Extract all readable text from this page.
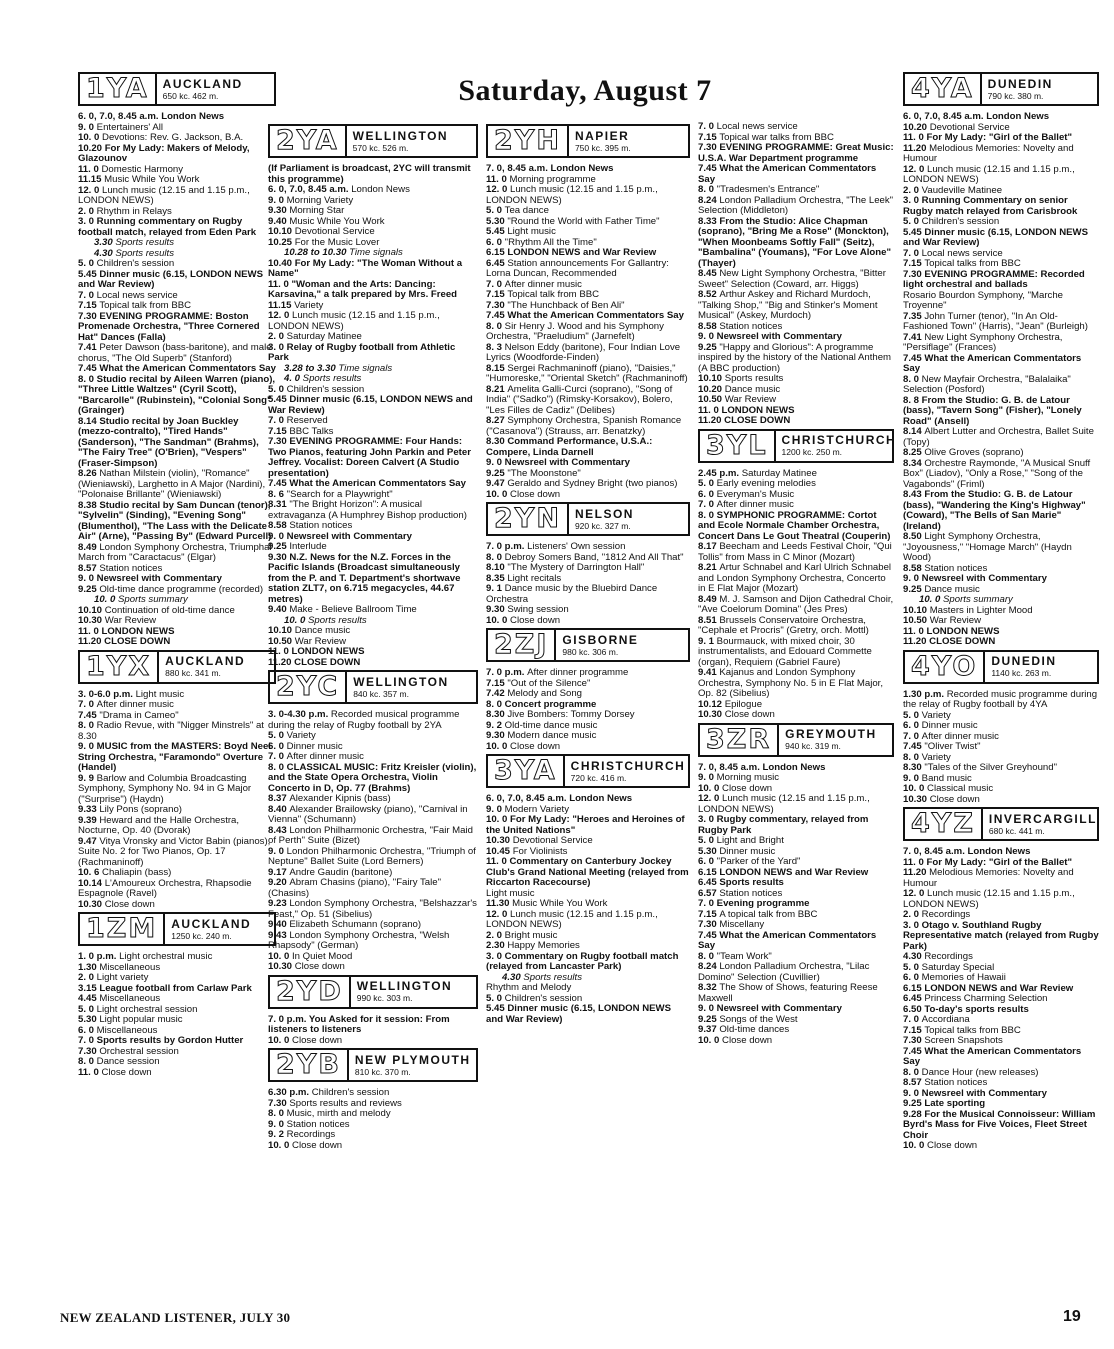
Saturday, August 7
1YA	AUCKLAND
650 kc. 462 m.
6. 0, 7.0, 8.45 a.m. London News
9. 0 Entertainers' All
10. 0 Devotions: Rev. G. Jackson, B.A.
10.20 For My Lady: Makers of Melody, Glazounov
11. 0 Domestic Harmony
11.15 Music While You Work
12. 0 Lunch music (12.15 and 1.15 p.m., LONDON NEWS)
2. 0 Rhythm in Relays
3. 0 Running commentary on Rugby football match, relayed from Eden Park
3.30 Sports results
4.30 Sports results
5. 0 Children's session
5.45 Dinner music (6.15, LONDON NEWS and War Review)
7. 0 Local news service
7.15 Topical talk from BBC
7.30 EVENING PROGRAMME: Boston Promenade Orchestra, "Three Cornered Hat" Dances (Falla)
7.41 Peter Dawson (bass-baritone), and male chorus, "The Old Superb" (Stanford)
7.45 What the American Commentators Say
8. 0 Studio recital by Aileen Warren (piano), "Three Little Waltzes" (Cyril Scott), "Barcarolle" (Rubinstein), "Colonial Song" (Grainger)
8.14 Studio recital by Joan Buckley (mezzo-contralto), "Tired Hands" (Sanderson), "The Sandman" (Brahms), "The Fairy Tree" (O'Brien), "Vespers" (Fraser-Simpson)
8.26 Nathan Milstein (violin), "Romance" (Wieniawski), Larghetto in A Major (Nardini), "Polonaise Brillante" (Wieniawski)
8.38 Studio recital by Sam Duncan (tenor), "Sylvelin" (Sinding), "Evening Song" (Blumenthol), "The Lass with the Delicate Air" (Arne), "Passing By" (Edward Purcell)
8.49 London Symphony Orchestra, Triumphal March from "Caractacus" (Elgar)
8.57 Station notices
9. 0 Newsreel with Commentary
9.25 Old-time dance programme (recorded)
10. 0 Sports summary
10.10 Continuation of old-time dance
10.30 War Review
11. 0 LONDON NEWS
11.20 CLOSE DOWN
1YX	AUCKLAND
880 kc. 341 m.
3. 0-6.0 p.m. Light music
7. 0 After dinner music
7.45 "Drama in Cameo"
8. 0 Radio Revue, with "Nigger Minstrels" at 8.30
9. 0 MUSIC from the MASTERS: Boyd Neel String Orchestra, "Faramondo" Overture (Handel)
9. 9 Barlow and Columbia Broadcasting Symphony, Symphony No. 94 in G Major ("Surprise") (Haydn)
9.33 Lily Pons (soprano)
9.39 Heward and the Halle Orchestra, Nocturne, Op. 40 (Dvorak)
9.47 Vitya Vronsky and Victor Babin (pianos), Suite No. 2 for Two Pianos, Op. 17 (Rachmaninoff)
10. 6 Chaliapin (bass)
10.14 L'Amoureux Orchestra, Rhapsodie Espagnole (Ravel)
10.30 Close down
1ZM	AUCKLAND
1250 kc. 240 m.
1. 0 p.m. Light orchestral music
1.30 Miscellaneous
2. 0 Light variety
3.15 League football from Carlaw Park
4.45 Miscellaneous
5. 0 Light orchestral session
5.30 Light popular music
6. 0 Miscellaneous
7. 0 Sports results by Gordon Hutter
7.30 Orchestral session
8. 0 Dance session
11. 0 Close down
2YA	WELLINGTON
570 kc. 526 m.
(If Parliament is broadcast, 2YC will transmit this programme)
6. 0, 7.0, 8.45 a.m. London News
9. 0 Morning Variety
9.30 Morning Star
9.40 Music While You Work
10.10 Devotional Service
10.25 For the Music Lover
10.28 to 10.30 Time signals
10.40 For My Lady: "The Woman Without a Name"
11. 0 "Woman and the Arts: Dancing: Karsavina," a talk prepared by Mrs. Freed
11.15 Variety
12. 0 Lunch music (12.15 and 1.15 p.m., LONDON NEWS)
2. 0 Saturday Matinee
3. 0 Relay of Rugby football from Athletic Park
3.28 to 3.30 Time signals
4. 0 Sports results
5. 0 Children's session
5.45 Dinner music (6.15, LONDON NEWS and War Review)
7. 0 Reserved
7.15 BBC Talks
7.30 EVENING PROGRAMME: Four Hands: Two Pianos, featuring John Parkin and Peter Jeffrey. Vocalist: Doreen Calvert (A Studio presentation)
7.45 What the American Commentators Say
8. 6 "Search for a Playwright"
8.31 "The Bright Horizon": A musical extravaganza (A Humphrey Bishop production)
8.58 Station notices
9. 0 Newsreel with Commentary
9.25 Interlude
9.30 N.Z. News for the N.Z. Forces in the Pacific Islands (Broadcast simultaneously from the P. and T. Department's shortwave station ZLT7, on 6.715 megacycles, 44.67 metres)
9.40 Make - Believe Ballroom Time
10. 0 Sports results
10.10 Dance music
10.50 War Review
11. 0 LONDON NEWS
11.20 CLOSE DOWN
2YC	WELLINGTON
840 kc. 357 m.
3. 0-4.30 p.m. Recorded musical programme during the relay of Rugby football by 2YA
5. 0 Variety
6. 0 Dinner music
7. 0 After dinner music
8. 0 CLASSICAL MUSIC: Fritz Kreisler (violin), and the State Opera Orchestra, Violin Concerto in D, Op. 77 (Brahms)
8.37 Alexander Kipnis (bass)
8.40 Alexander Brailowsky (piano), "Carnival in Vienna" (Schumann)
8.43 London Philharmonic Orchestra, "Fair Maid of Perth" Suite (Bizet)
9. 0 London Philharmonic Orchestra, "Triumph of Neptune" Ballet Suite (Lord Berners)
9.17 Andre Gaudin (baritone)
9.20 Abram Chasins (piano), "Fairy Tale" (Chasins)
9.23 London Symphony Orchestra, "Belshazzar's Feast," Op. 51 (Sibelius)
9.40 Elizabeth Schumann (soprano)
9.43 London Symphony Orchestra, "Welsh Rhapsody" (German)
10. 0 In Quiet Mood
10.30 Close down
2YD	WELLINGTON
990 kc. 303 m.
7. 0 p.m. You Asked for it session: From listeners to listeners
10. 0 Close down
2YB	NEW PLYMOUTH
810 kc. 370 m.
6.30 p.m. Children's session
7.30 Sports results and reviews
8. 0 Music, mirth and melody
9. 0 Station notices
9. 2 Recordings
10. 0 Close down
2YH	NAPIER
750 kc. 395 m.
7. 0, 8.45 a.m. London News
11. 0 Morning programme
12. 0 Lunch music (12.15 and 1.15 p.m., LONDON NEWS)
5. 0 Tea dance
5.30 "Round the World with Father Time"
5.45 Light music
6. 0 "Rhythm All the Time"
6.15 LONDON NEWS and War Review
6.45 Station announcements For Gallantry: Lorna Duncan, Recommended
7. 0 After dinner music
7.15 Topical talk from BBC
7.30 "The Hunchback of Ben Ali"
7.45 What the American Commentators Say
8. 0 Sir Henry J. Wood and his Symphony Orchestra, "Praeludium" (Jarnefelt)
8. 3 Nelson Eddy (baritone), Four Indian Love Lyrics (Woodforde-Finden)
8.15 Sergei Rachmaninoff (piano), "Daisies," "Humoreske," "Oriental Sketch" (Rachmaninoff)
8.21 Amelita Galli-Curci (soprano), "Song of India" ("Sadko") (Rimsky-Korsakov), Bolero, "Les Filles de Cadiz" (Delibes)
8.27 Symphony Orchestra, Spanish Romance ("Casanova") (Strauss, arr. Benatzky)
8.30 Command Performance, U.S.A.: Compere, Linda Darnell
9. 0 Newsreel with Commentary
9.25 "The Moonstone"
9.47 Geraldo and Sydney Bright (two pianos)
10. 0 Close down
2YN	NELSON
920 kc. 327 m.
7. 0 p.m. Listeners' Own session
8. 0 Debroy Somers Band, "1812 And All That"
8.10 "The Mystery of Darrington Hall"
8.35 Light recitals
9. 1 Dance music by the Bluebird Dance Orchestra
9.30 Swing session
10. 0 Close down
2ZJ	GISBORNE
980 kc. 306 m.
7. 0 p.m. After dinner programme
7.15 "Out of the Silence"
7.42 Melody and Song
8. 0 Concert programme
8.30 Jive Bombers: Tommy Dorsey
9. 2 Old-time dance music
9.30 Modern dance music
10. 0 Close down
3YA	CHRISTCHURCH
720 kc. 416 m.
6. 0, 7.0, 8.45 a.m. London News
9. 0 Modern Variety
10. 0 For My Lady: "Heroes and Heroines of the United Nations"
10.30 Devotional Service
10.45 For Violinists
11. 0 Commentary on Canterbury Jockey Club's Grand National Meeting (relayed from Riccarton Racecourse)
Light music
11.30 Music While You Work
12. 0 Lunch music (12.15 and 1.15 p.m., LONDON NEWS)
2. 0 Bright music
2.30 Happy Memories
3. 0 Commentary on Rugby football match (relayed from Lancaster Park)
4.30 Sports results
Rhythm and Melody
5. 0 Children's session
5.45 Dinner music (6.15, LONDON NEWS and War Review)
7. 0 Local news service
7.15 Topical war talks from BBC
7.30 EVENING PROGRAMME: Great Music: U.S.A. War Department programme
7.45 What the American Commentators Say
8. 0 "Tradesmen's Entrance"
8.24 London Palladium Orchestra, "The Leek" Selection (Middleton)
8.33 From the Studio: Alice Chapman (soprano), "Bring Me a Rose" (Monckton), "When Moonbeams Softly Fall" (Seitz), "Bambalina" (Youmans), "For Love Alone" (Thayer)
8.45 New Light Symphony Orchestra, "Bitter Sweet" Selection (Coward, arr. Higgs)
8.52 Arthur Askey and Richard Murdoch, "Talking Shop," "Big and Stinker's Moment Musical" (Askey, Murdoch)
8.58 Station notices
9. 0 Newsreel with Commentary
9.25 "Happy and Glorious": A programme inspired by the history of the National Anthem (A BBC production)
10.10 Sports results
10.20 Dance music
10.50 War Review
11. 0 LONDON NEWS
11.20 CLOSE DOWN
3YL	CHRISTCHURCH
1200 kc. 250 m.
2.45 p.m. Saturday Matinee
5. 0 Early evening melodies
6. 0 Everyman's Music
7. 0 After dinner music
8. 0 SYMPHONIC PROGRAMME: Cortot and Ecole Normale Chamber Orchestra, Concert Dans Le Gout Theatral (Couperin)
8.17 Beecham and Leeds Festival Choir, "Qui Tollis" from Mass in C Minor (Mozart)
8.21 Artur Schnabel and Karl Ulrich Schnabel and London Symphony Orchestra, Concerto in E Flat Major (Mozart)
8.49 M. J. Samson and Dijon Cathedral Choir, "Ave Coelorum Domina" (Jes Pres)
8.51 Brussels Conservatoire Orchestra, "Cephale et Procris" (Gretry, orch. Mottl)
9. 1 Bourmauck, with mixed choir, 30 instrumentalists, and Edouard Commette (organ), Requiem (Gabriel Faure)
9.41 Kajanus and London Symphony Orchestra, Symphony No. 5 in E Flat Major, Op. 82 (Sibelius)
10.12 Epilogue
10.30 Close down
3ZR	GREYMOUTH
940 kc. 319 m.
7. 0, 8.45 a.m. London News
9. 0 Morning music
10. 0 Close down
12. 0 Lunch music (12.15 and 1.15 p.m., LONDON NEWS)
3. 0 Rugby commentary, relayed from Rugby Park
5. 0 Light and Bright
5.30 Dinner music
6. 0 "Parker of the Yard"
6.15 LONDON NEWS and War Review
6.45 Sports results
6.57 Station notices
7. 0 Evening programme
7.15 A topical talk from BBC
7.30 Miscellany
7.45 What the American Commentators Say
8. 0 "Team Work"
8.24 London Palladium Orchestra, "Lilac Domino" Selection (Cuvillier)
8.32 The Show of Shows, featuring Reese Maxwell
9. 0 Newsreel with Commentary
9.25 Songs of the West
9.37 Old-time dances
10. 0 Close down
4YA	DUNEDIN
790 kc. 380 m.
6. 0, 7.0, 8.45 a.m. London News
10.20 Devotional Service
11. 0 For My Lady: "Girl of the Ballet"
11.20 Melodious Memories: Novelty and Humour
12. 0 Lunch music (12.15 and 1.15 p.m., LONDON NEWS)
2. 0 Vaudeville Matinee
3. 0 Running Commentary on senior Rugby match relayed from Carisbrook
5. 0 Children's session
5.45 Dinner music (6.15, LONDON NEWS and War Review)
7. 0 Local news service
7.15 Topical talks from BBC
7.30 EVENING PROGRAMME: Recorded light orchestral and ballads
Rosario Bourdon Symphony, "Marche Troyenne"
7.35 John Turner (tenor), "In An Old-Fashioned Town" (Harris), "Jean" (Burleigh)
7.41 New Light Symphony Orchestra, "Persiflage" (Frances)
7.45 What the American Commentators Say
8. 0 New Mayfair Orchestra, "Balalaika" Selection (Posford)
8. 8 From the Studio: G. B. de Latour (bass), "Tavern Song" (Fisher), "Lonely Road" (Ansell)
8.14 Albert Lutter and Orchestra, Ballet Suite (Topy)
8.25 Olive Groves (soprano)
8.34 Orchestre Raymonde, "A Musical Snuff Box" (Liadov), "Only a Rose," "Song of the Vagabonds" (Friml)
8.43 From the Studio: G. B. de Latour (bass), "Wandering the King's Highway" (Coward), "The Bells of San Marie" (Ireland)
8.50 Light Symphony Orchestra, "Joyousness," "Homage March" (Haydn Wood)
8.58 Station notices
9. 0 Newsreel with Commentary
9.25 Dance music
10. 0 Sports summary
10.10 Masters in Lighter Mood
10.50 War Review
11. 0 LONDON NEWS
11.20 CLOSE DOWN
4YO	DUNEDIN
1140 kc. 263 m.
1.30 p.m. Recorded music programme during the relay of Rugby football by 4YA
5. 0 Variety
6. 0 Dinner music
7. 0 After dinner music
7.45 "Oliver Twist"
8. 0 Variety
8.30 "Tales of the Silver Greyhound"
9. 0 Band music
10. 0 Classical music
10.30 Close down
4YZ	INVERCARGILL
680 kc. 441 m.
7. 0, 8.45 a.m. London News
11. 0 For My Lady: "Girl of the Ballet"
11.20 Melodious Memories: Novelty and Humour
12. 0 Lunch music (12.15 and 1.15 p.m., LONDON NEWS)
2. 0 Recordings
3. 0 Otago v. Southland Rugby Representative match (relayed from Rugby Park)
4.30 Recordings
5. 0 Saturday Special
6. 0 Memories of Hawaii
6.15 LONDON NEWS and War Review
6.45 Princess Charming Selection
6.50 To-day's sports results
7. 0 Accordiana
7.15 Topical talks from BBC
7.30 Screen Snapshots
7.45 What the American Commentators Say
8. 0 Dance Hour (new releases)
8.57 Station notices
9. 0 Newsreel with Commentary
9.25 Late sporting
9.28 For the Musical Connoisseur: William Byrd's Mass for Five Voices, Fleet Street Choir
10. 0 Close down
NEW ZEALAND LISTENER, JULY 30	19
